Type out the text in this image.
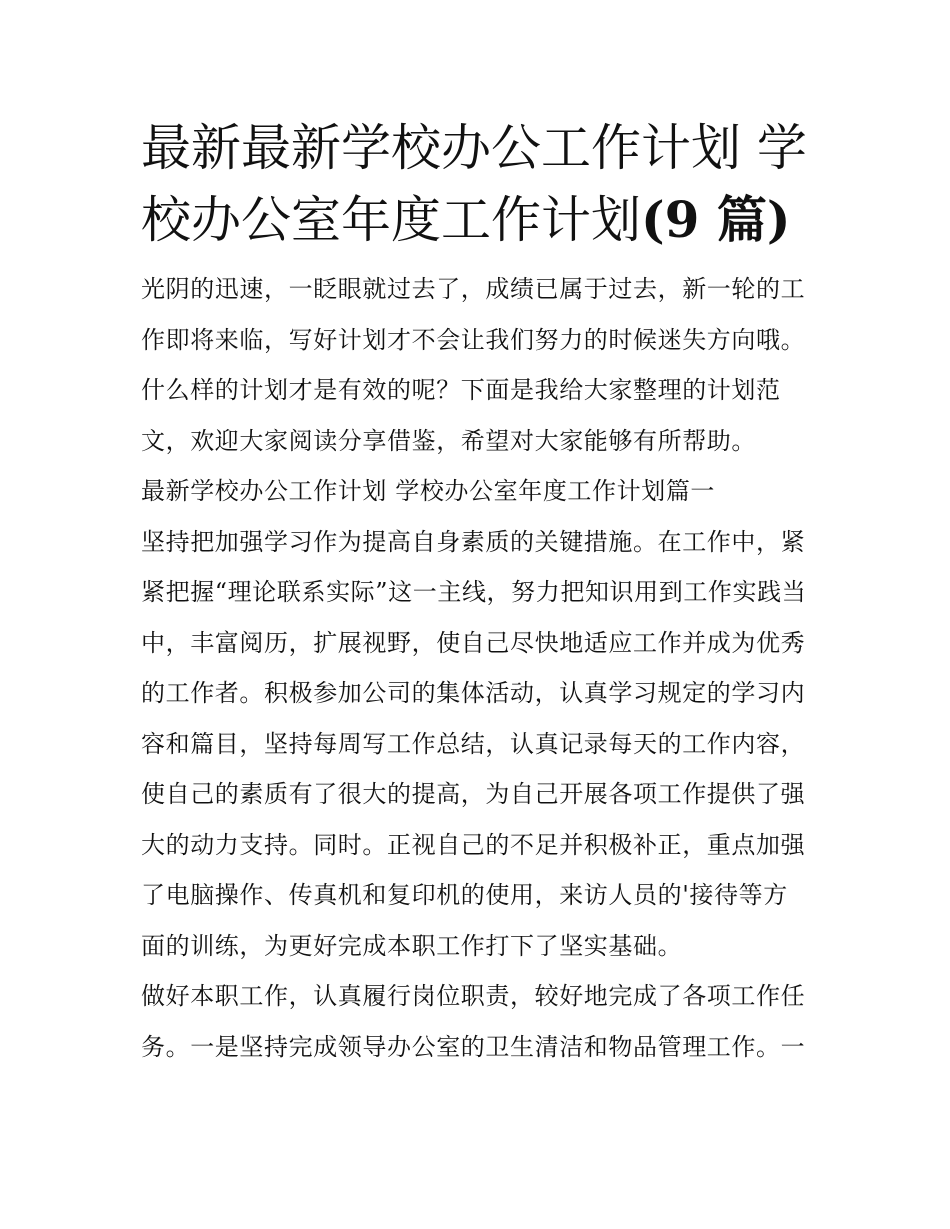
最新最新学校办公工作计划 学
校办公室年度工作计划(9 篇)
光阴的迅速，一眨眼就过去了，成绩已属于过去，新一轮的工
作即将来临，写好计划才不会让我们努力的时候迷失方向哦。
什么样的计划才是有效的呢？下面是我给大家整理的计划范
文，欢迎大家阅读分享借鉴，希望对大家能够有所帮助。
最新学校办公工作计划 学校办公室年度工作计划篇一
坚持把加强学习作为提高自身素质的关键措施。在工作中，紧
紧把握“理论联系实际”这一主线，努力把知识用到工作实践当
中，丰富阅历，扩展视野，使自己尽快地适应工作并成为优秀
的工作者。积极参加公司的集体活动，认真学习规定的学习内
容和篇目，坚持每周写工作总结，认真记录每天的工作内容，
使自己的素质有了很大的提高，为自己开展各项工作提供了强
大的动力支持。同时。正视自己的不足并积极补正，重点加强
了电脑操作、传真机和复印机的使用，来访人员的'接待等方
面的训练，为更好完成本职工作打下了坚实基础。
做好本职工作，认真履行岗位职责，较好地完成了各项工作任
务。一是坚持完成领导办公室的卫生清洁和物品管理工作。一
